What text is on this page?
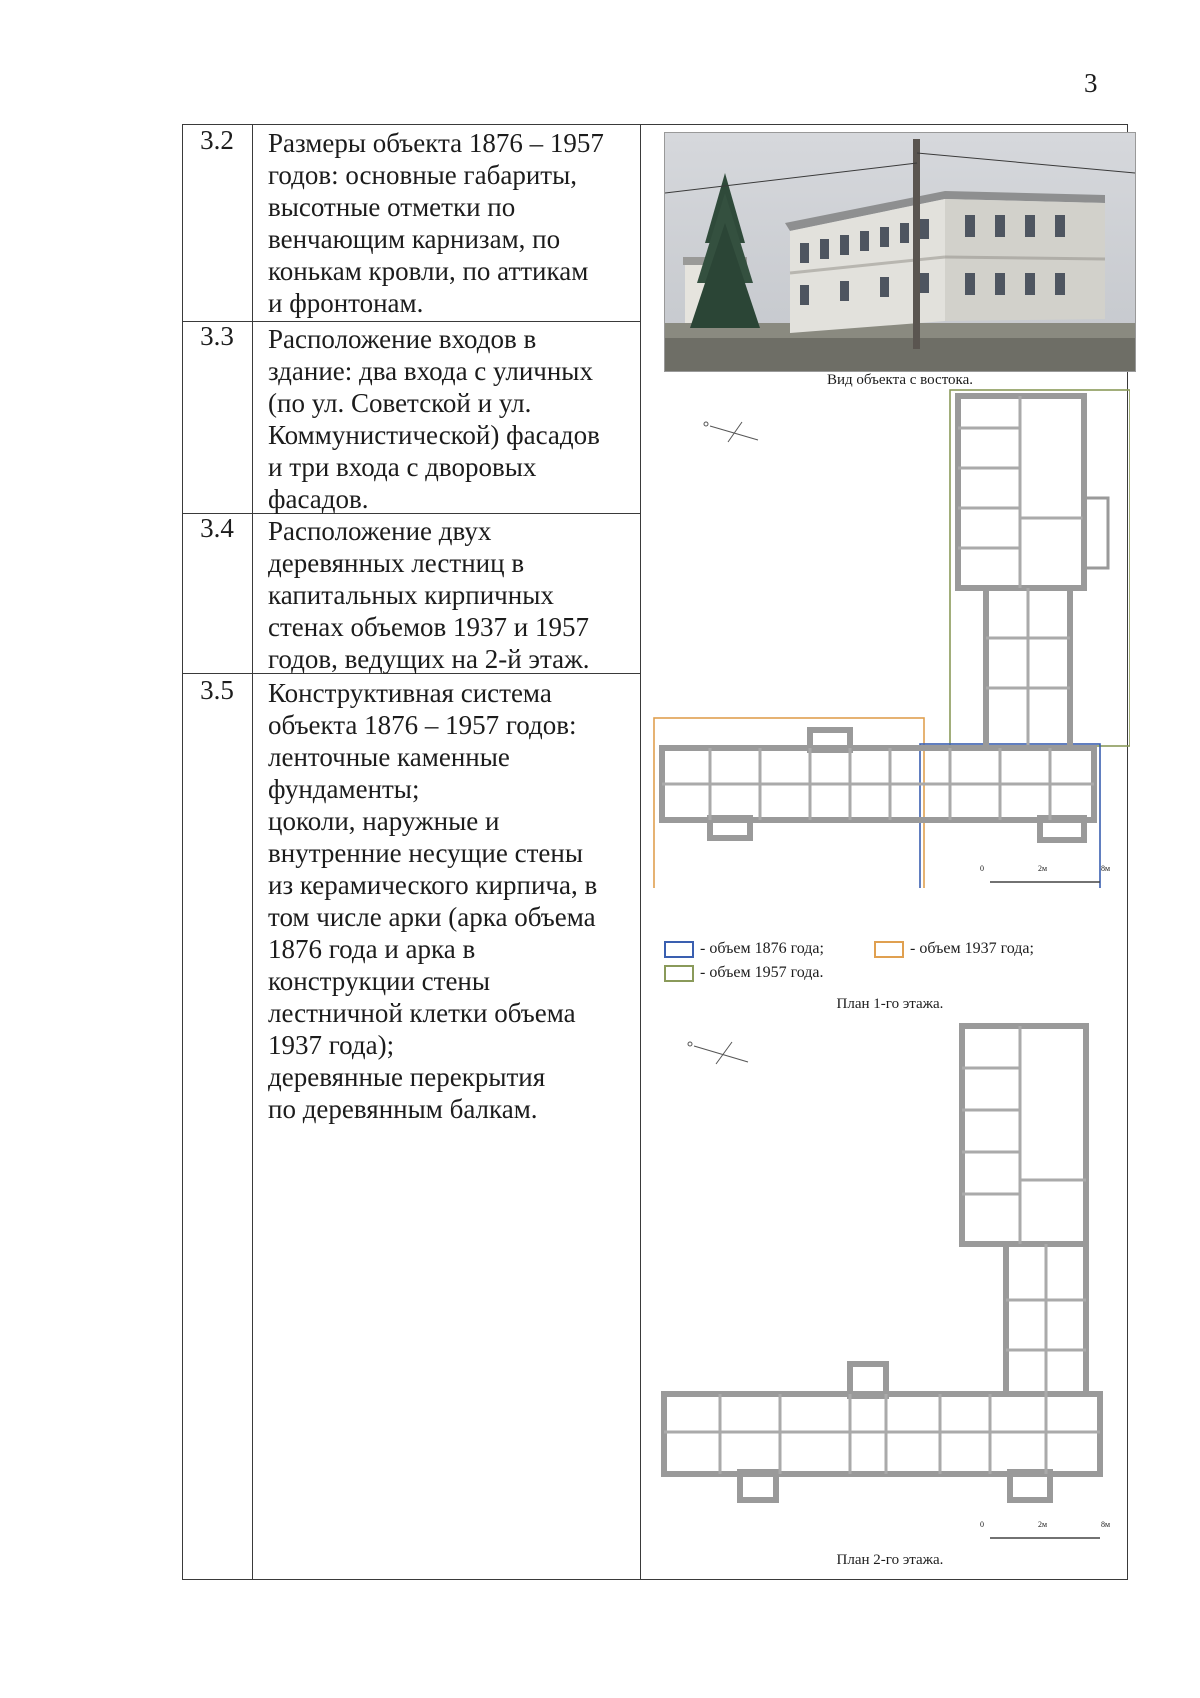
3
3.2	Размеры объекта 1876 – 1957
годов: основные габариты,
высотные отметки по
венчающим карнизам, по
конькам кровли, по аттикам
и фронтонам.
3.3	Расположение входов в
здание: два входа с уличных
(по ул. Советской и ул.
Коммунистической) фасадов
и три входа с дворовых
фасадов.
3.4	Расположение двух
деревянных лестниц в
капитальных кирпичных
стенах объемов 1937 и 1957
годов, ведущих на 2-й этаж.
3.5	Конструктивная система
объекта 1876 – 1957 годов:
ленточные каменные
фундаменты;
цоколи, наружные и
внутренние несущие стены
из керамического кирпича, в
том числе арки (арка объема
1876 года и арка в
конструкции стены
лестничной клетки объема
1937 года);
деревянные перекрытия
по деревянным балкам.
Вид объекта с востока.
0	2м	8м
- объем 1876 года;	- объем 1937 года;
- объем 1957 года.
План 1-го этажа.
0	2м	8м
План 2-го этажа.
